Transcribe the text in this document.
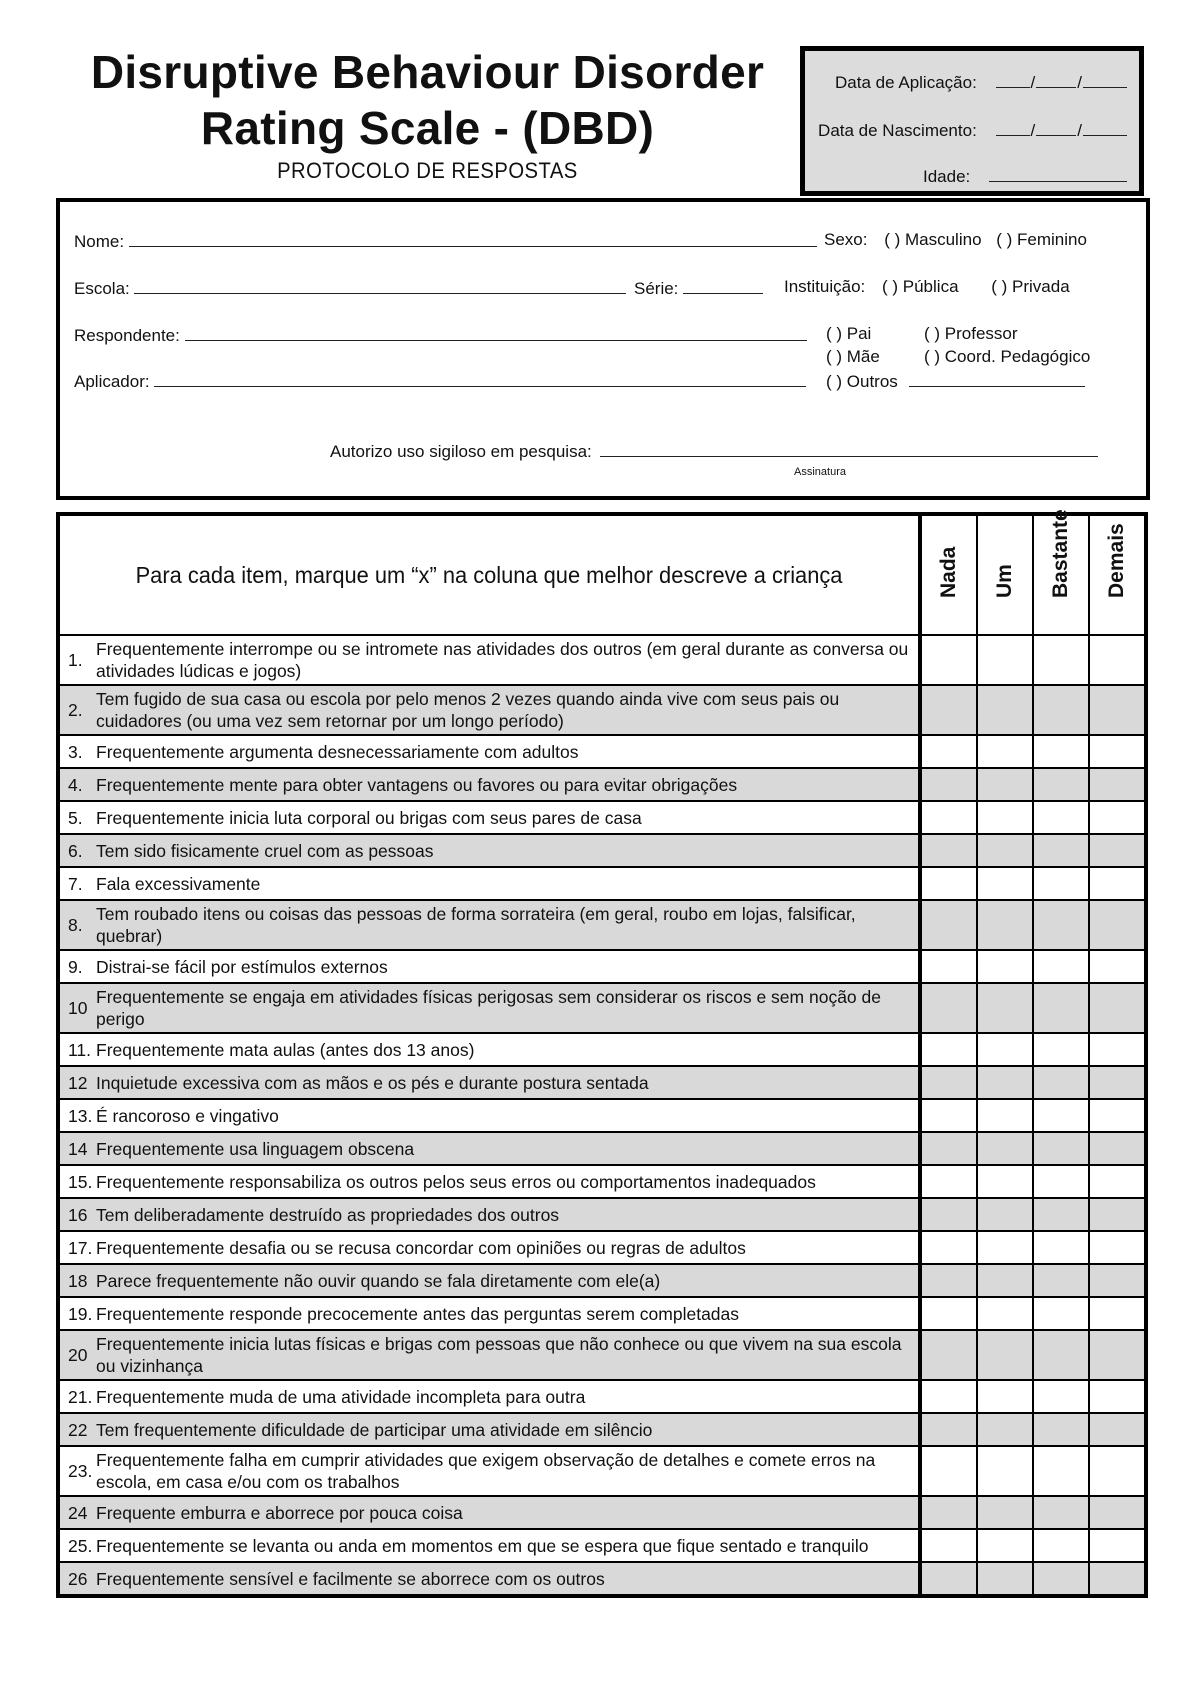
Disruptive Behaviour Disorder
Rating Scale - (DBD)
PROTOCOLO DE RESPOSTAS
Data de Aplicação:	/ /
Data de Nascimento:	/ /
Idade:
Nome:	Sexo: ( ) Masculino ( ) Feminino
Escola:	Série:	Instituição: ( ) Pública ( ) Privada
Respondente:	( ) Pai	( ) Professor
( ) Mãe	( ) Coord. Pedagógico
Aplicador:	( ) Outros
Autorizo uso sigiloso em pesquisa:
Assinatura
Para cada item, marque um “x” na coluna que melhor descreve a criança	Nada	Um	Bastante	Demais

1.
Frequentemente interrompe ou se intromete nas atividades dos outros (em geral durante as conversa ou atividades lúdicas e jogos)				

2.
Tem fugido de sua casa ou escola por pelo menos 2 vezes quando ainda vive com seus pais ou cuidadores (ou uma vez sem retornar por um longo período)				

3. Frequentemente argumenta desnecessariamente com adultos				

4. Frequentemente mente para obter vantagens ou favores ou para evitar obrigações				

5. Frequentemente inicia luta corporal ou brigas com seus pares de casa				

6. Tem sido fisicamente cruel com as pessoas				

7. Fala excessivamente				

8.
Tem roubado itens ou coisas das pessoas de forma sorrateira (em geral, roubo em lojas, falsificar, quebrar)				

9. Distrai-se fácil por estímulos externos				

10
Frequentemente se engaja em atividades físicas perigosas sem considerar os riscos e sem noção de perigo				

11. Frequentemente mata aulas (antes dos 13 anos)				

12 Inquietude excessiva com as mãos e os pés e durante postura sentada				

13. É rancoroso e vingativo				

14 Frequentemente usa linguagem obscena				

15. Frequentemente responsabiliza os outros pelos seus erros ou comportamentos inadequados				

16 Tem deliberadamente destruído as propriedades dos outros				

17. Frequentemente desafia ou se recusa concordar com opiniões ou regras de adultos				

18 Parece frequentemente não ouvir quando se fala diretamente com ele(a)				

19. Frequentemente responde precocemente antes das perguntas serem completadas				

20
Frequentemente inicia lutas físicas e brigas com pessoas que não conhece ou que vivem na sua escola ou vizinhança				

21. Frequentemente muda de uma atividade incompleta para outra				

22 Tem frequentemente dificuldade de participar uma atividade em silêncio				

23.
Frequentemente falha em cumprir atividades que exigem observação de detalhes e comete erros na escola, em casa e/ou com os trabalhos				

24 Frequente emburra e aborrece por pouca coisa				

25. Frequentemente se levanta ou anda em momentos em que se espera que fique sentado e tranquilo				

26 Frequentemente sensível e facilmente se aborrece com os outros				
